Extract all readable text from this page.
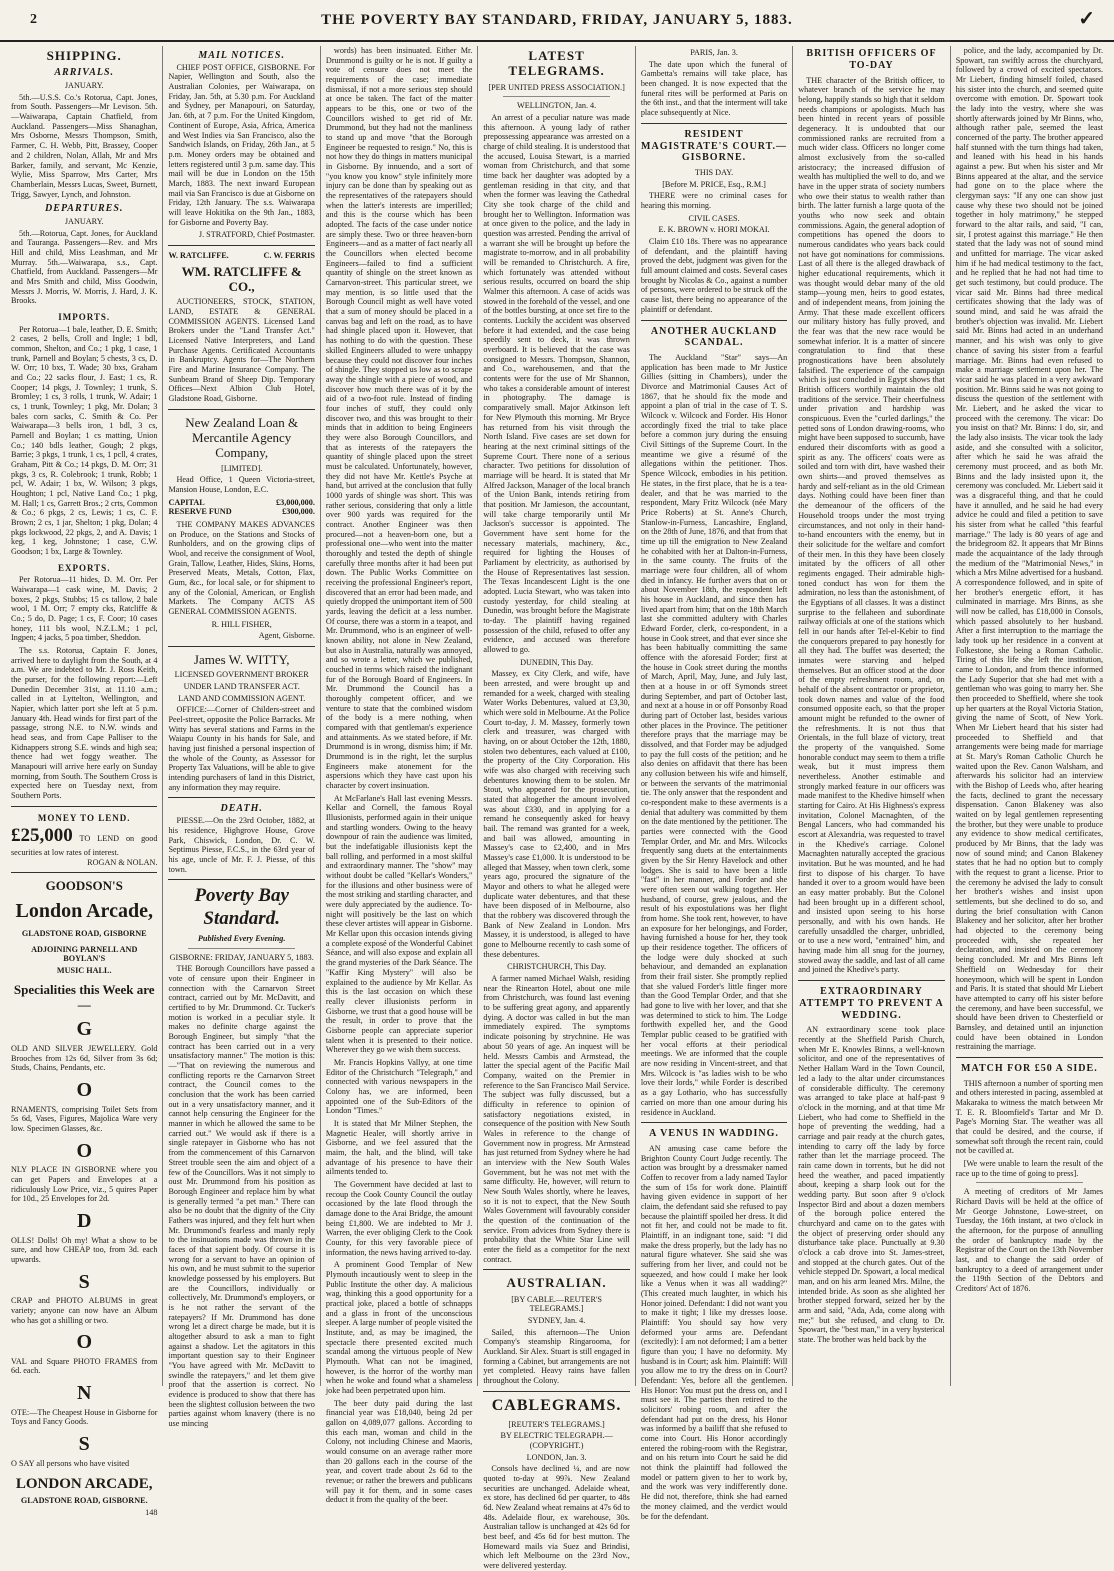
2	THE POVERTY BAY STANDARD, FRIDAY, JANUARY 5, 1883.	✓
SHIPPING.
ARRIVALS.
JANUARY.

5th.—U.S.S. Co.'s Rotorua, Capt. Jones, from South. Passengers—Mr Levison. 5th.—Waiwarapa, Captain Chatfield, from Auckland. Passengers—Miss Shanaghan, Mrs Osborne, Messrs Thompson, Smith, Farmer, C. H. Webb, Pitt, Brassey, Cooper and 2 children, Nolan, Allah, Mr and Mrs Barker, family, and servant, Mc Kenzie, Wylie, Miss Sparrow, Mrs Carter, Mrs Chamberlain, Messrs Lucas, Sweet, Burnett, Trigg, Sawyer, Lynch, and Johnston.

DEPARTURES.
JANUARY.

5th.—Rotorua, Capt. Jones, for Auckland and Tauranga. Passengers—Rev. and Mrs Hill and child, Miss Leashman, and Mr Murray. 5th.—Waiwarapa, s.s., Capt. Chatfield, from Auckland. Passengers—Mr and Mrs Smith and child, Miss Goodwin, Messrs J. Morris, W. Morris, J. Hard, J. K. Brooks.

IMPORTS.

Per Rotorua—1 bale, leather, D. E. Smith; 2 cases, 2 bells, Croll and Ingle; 1 bdl, common, Shelton, and Co.; 1 pkg, 1 case, 1 trunk, Parnell and Boylan; 5 chests, 3 cs, D. W. Orr; 10 bxs, T. Wade; 30 bxs, Graham and Co.; 22 sacks flour, J. East; 1 cs, R. Cooper; 14 pkgs, J. Townley; 1 trunk, S. Bromley; 1 cs, 3 rolls, 1 trunk, W. Adair; 1 cs, 1 trunk, Townley; 1 pkg, Mr. Dolan; 3 bales corn sacks, C. Smith & Co. Per Waiwarapa—3 bells iron, 1 bdl, 3 cs, Parnell and Boylan; 1 cs matting, Union Co.; 140 bdls leather, Gough; 2 pkgs, Barrie; 3 pkgs, 1 trunk, 1 cs, 1 pcll, 4 crates, Graham, Pitt & Co.; 14 pkgs, D. M. Orr; 31 pkgs, 3 cs, R. Colebrook; 1 trunk, Robb; 1 pcl, W. Adair; 1 bx, W. Wilson; 3 pkgs, Houghton; 1 pcl, Native Land Co.; 1 pkg, M. Hall; 1 cs, Garrett Bros.; 2 crts, Common & Co.; 6 pkgs, 2 cs, Lewis; 1 cs, C. F. Brown; 2 cs, 1 jar, Shelton; 1 pkg, Dolan; 4 pkgs lockwood, 22 pkgs, 2, and A. Davis; 1 keg, 1 keg, Johnstone; 1 case, C.W. Goodson; 1 bx, Large & Townley.

EXPORTS.

Per Rotorua—11 hides, D. M. Orr. Per Waiwarapa—1 cask wine, M. Davis; 2 boxes, 2 pkgs, Stubbs; 15 cs tallow, 2 bale wool, 1 M. Orr; 7 empty cks, Ratcliffe & Co.; 5 do, D. Page; 1 cs, F. Coor; 10 cases honey, 111 bls wool, N.Z.L.M.; 1 pcl, Ingpen; 4 jacks, 5 poa timber, Sheddon.

The s.s. Rotorua, Captain F. Jones, arrived here to daylight from the South, at 4 a.m. We are indebted to Mr. J. Ross Keith, the purser, for the following report:—Left Dunedin December 31st, at 11.10 a.m.; called in at Lyttelton, Wellington, and Napier, which latter port she left at 5 p.m. January 4th. Head winds for first part of the passage, strong N.E. to N.W. winds and head seas, and from Cape Palliser to the Kidnappers strong S.E. winds and high sea; thence had wet foggy weather. The Manapouri will arrive here early on Sunday morning, from South. The Southern Cross is expected here on Tuesday next, from Southern Ports.

MONEY TO LEND.
£25,000 TO LEND on good securities at low rates of interest.
ROGAN & NOLAN.
GOODSON'S
London Arcade,
GLADSTONE ROAD, GISBORNE
ADJOINING PARNELL AND BOYLAN'S
MUSIC HALL.
Specialities this Week are—
G
OLD AND SILVER JEWELLERY. Gold Brooches from 12s 6d, Silver from 3s 6d; Studs, Chains, Pendants, etc.
O
RNAMENTS, comprising Toilet Sets from 5s 6d, Vases, Figures, Majolica Ware very low. Specimen Glasses, &c.
O
NLY PLACE IN GISBORNE where you can get Papers and Envelopes at a ridiculously Low Price, viz., 5 quires Paper for 10d., 25 Envelopes for 2d.
D
OLLS! Dolls! Oh my! What a show to be sure, and how CHEAP too, from 3d. each upwards.
S
CRAP and PHOTO ALBUMS in great variety; anyone can now have an Album who has got a shilling or two.
O
VAL and Square PHOTO FRAMES from 6d. each.
N
OTE:—The Cheapest House in Gisborne for Toys and Fancy Goods.
S
O SAY all persons who have visited
LONDON ARCADE,
GLADSTONE ROAD, GISBORNE.
148
MAIL NOTICES.

CHIEF POST OFFICE, GISBORNE. For Napier, Wellington and South, also the Australian Colonies, per Waiwarapa, on Friday, Jan. 5th, at 5.30 p.m. For Auckland and Sydney, per Manapouri, on Saturday, Jan. 6th, at 7 p.m. For the United Kingdom, Continent of Europe, Asia, Africa, America and West Indies via San Francisco, also the Sandwich Islands, on Friday, 26th Jan., at 5 p.m. Money orders may be obtained and letters registered until 3 p.m. same day. This mail will be due in London on the 15th March, 1883. The next inward European mail via San Francisco is due at Gisborne on Friday, 12th January. The s.s. Waiwarapa will leave Hokitika on the 9th Jan., 1883, for Gisborne and Poverty Bay.

J. STRATFORD, Chief Postmaster.
W. RATCLIFFE.	C. W. FERRIS
WM. RATCLIFFE & CO.,

AUCTIONEERS, STOCK, STATION, LAND, ESTATE & GENERAL COMMISSION AGENTS. Licensed Land Brokers under the "Land Transfer Act." Licensed Native Interpreters, and Land Purchase Agents. Certificated Accountants in Bankruptcy. Agents for—The Northern Fire and Marine Insurance Company. The Sunbeam Brand of Sheep Dip. Temporary Offices—Next Albion Club Hotel, Gladstone Road, Gisborne.

New Zealand Loan & Mercantile Agency Company,
[LIMITED].

Head Office, 1 Queen Victoria-street, Mansion House, London, E.C.

CAPITAL	£3,000,000.
RESERVE FUND	£300,000.

THE COMPANY MAKES ADVANCES on Produce, on the Stations and Stocks of Runholders, and on the growing clips of Wool, and receive the consignment of Wool, Grain, Tallow, Leather, Hides, Skins, Horns, Preserved Meats, Metals, Cotton, Flax, Gum, &c., for local sale, or for shipment to any of the Colonial, American, or English Markets. The Company ACTS AS GENERAL COMMISSION AGENTS.

R. HILL FISHER,
Agent, Gisborne.
James W. WITTY,
LICENSED GOVERNMENT BROKER
UNDER LAND TRANSFER ACT.
LAND AND COMMISSION AGENT.

OFFICE:—Corner of Childers-street and Peel-street, opposite the Police Barracks. Mr Witty has several stations and Farms in the Waiapu County in his hands for Sale, and having just finished a personal inspection of the whole of the County, as Assessor for Property Tax Valuations, will be able to give intending purchasers of land in this District, any information they may require.

DEATH.

PIESSE.—On the 23rd October, 1882, at his residence, Highgrove House, Grove Park, Chiswick, London, Dr. C. W. Septimus Piesse, F.C.S., in the 63rd year of his age, uncle of Mr. F. J. Piesse, of this town.

Poverty Bay Standard.
Published Every Evening.
GISBORNE: FRIDAY, JANUARY 5, 1883.

THE Borough Councillors have passed a vote of censure upon their Engineer in connection with the Carnarvon Street contract, carried out by Mr. McDavitt, and certified to by Mr. Drummond. Cr. Tucker's motion is worked in a peculiar style. It makes no definite charge against the Borough Engineer, but simply "that the contract has been carried out in a very unsatisfactory manner." The motion is this:—"That on reviewing the numerous and conflicting reports re the Carnarvon Street contract, the Council comes to the conclusion that the work has been carried out in a very unsatisfactory manner, and it cannot help censuring the Engineer for the manner in which he allowed the same to be carried out." We would ask if there is a single ratepayer in Gisborne who has not from the commencement of this Carnarvon Street trouble seen the aim and object of a few of the Councillors. Was it not simply to oust Mr. Drummond from his position as Borough Engineer and replace him by what is generally termed "a pet man." There can also be no doubt that the dignity of the City Fathers was injured, and they felt hurt when Mr. Drummond's fearless and manly reply to the insinuations made was thrown in the faces of that sapient body. Of course it is wrong for a servant to have an opinion of his own, and he must submit to the superior knowledge possessed by his employers. But are the Councillors, individually or collectively, Mr. Drummond's employers, or is he not rather the servant of the ratepayers? If Mr. Drummond has done wrong let a direct charge be made, but it is altogether absurd to ask a man to fight against a shadow. Let the agitators in this important question say to their Engineer "You have agreed with Mr. McDavitt to swindle the ratepayers," and let them give proof that the assertion is correct. No evidence is produced to show that there has been the slightest collusion between the two parties against whom knavery (there is no use mincing

words) has been insinuated. Either Mr. Drummond is guilty or he is not. If guilty a vote of censure does not meet the requirements of the case; immediate dismissal, if not a more serious step should at once be taken. The fact of the matter appears to be this, one or two of the Councillors wished to get rid of Mr. Drummond, but they had not the manliness to stand up and move "that the Borough Engineer be requested to resign." No, this is not how they do things in matters municipal in Gisborne. By innuendo, and a sort of "you know you know" style infinitely more injury can be done than by speaking out as the representatives of the ratepayers should when the latter's interests are imperilled; and this is the course which has been adopted. The facts of the case under notice are simply these. Two or three heaven-born Engineers—and as a matter of fact nearly all the Councillors when elected become Engineers—failed to find a sufficient quantity of shingle on the street known as Carnarvon-street. This particular street, we may mention, is so little used that the Borough Council might as well have voted that a sum of money should be placed in a canvas bag and left on the road, as to have had shingle placed upon it. However, that has nothing to do with the question. These skilled Engineers alluded to were unhappy because they could not discover four inches of shingle. They stopped us low as to scrape away the shingle with a piece of wood, and discover how much there was of it by the aid of a two-foot rule. Instead of finding four inches of stuff, they could only discover two, and this was brought to their minds that in addition to being Engineers they were also Borough Councillors, and that as interests of the ratepayers the quantity of shingle placed upon the street must be calculated. Unfortunately, however, they did not have Mr. Kettle's Psyche at hand, but arrived at the conclusion that fully 1000 yards of shingle was short. This was rather serious, considering that only a little over 900 yards was required for the contract. Another Engineer was then procured—not a heaven-born one, but a professional one—who went into the matter thoroughly and tested the depth of shingle carefully three months after it had been put down. The Public Works Committee on receiving the professional Engineer's report, discovered that an error had been made, and quietly dropped the unimportant item of 500 yards, leaving the deficit at a less number. Of course, there was a storm in a teapot, and Mr. Drummond, who is an engineer of well-known ability, not alone in New Zealand, but also in Australia, naturally was annoyed, and so wrote a letter, which we published, couched in terms which raised the indignant fur of the Borough Board of Engineers. In Mr. Drummond the Council has a thoroughly competent officer, and we venture to state that the combined wisdom of the body is a mere nothing, when compared with that gentleman's experience and attainments. As we stated before, if Mr. Drummond is in wrong, dismiss him; if Mr. Drummond is in the right, let the surplus Engineers make atonement for the aspersions which they have cast upon his character by covert insinuation.

At McFarlane's Hall last evening Messrs. Kellar and Cornell, the famous Royal Illusionists, performed again in their unique and startling wonders. Owing to the heavy downpour of rain the audience was limited, but the indefatigable illusionists kept the ball rolling, and performed in a most skilful and extraordinary manner. The "show" may without doubt be called "Kellar's Wonders," for the illusions and other business were of the most striking and startling character, and were duly appreciated by the audience. To-night will positively be the last on which these clever artistes will appear in Gisborne. Mr Kellar upon this occasion intends giving a complete exposé of the Wonderful Cabinet Séance, and will also expose and explain all the grand mysteries of the Dark Séance. The "Kaffir King Mystery" will also be explained to the audience by Mr Kellar. As this is the last occasion on which these really clever illusionists perform in Gisborne, we trust that a good house will be the result, in order to prove that the Gisborne people can appreciate superior talent when it is presented to their notice. Wherever they go we wish them success.

Mr. Francis Hopkins Vallyy, at one time Editor of the Christchurch "Telegraph," and connected with various newspapers in the Colony has, we are informed, been appointed one of the Sub-Editors of the London "Times."

It is stated that Mr Milner Stephen, the Magnetic Healer, will shortly arrive in Gisborne, and we feel assured that the maim, the halt, and the blind, will take advantage of his presence to have their ailments tended to.

The Government have decided at last to recoup the Cook County Council the outlay occasioned by the late flood through the damage done to the Arai Bridge, the amount being £1,800. We are indebted to Mr J. Warren, the ever obliging Clerk to the Cook County, for this very favorable piece of information, the news having arrived to-day.

A prominent Good Templar of New Plymouth incautiously went to sleep in the Public Institute the other day. A malicious wag, thinking this a good opportunity for a practical joke, placed a bottle of schnapps and a glass in front of the unconscious sleeper. A large number of people visited the Institute, and, as may be imagined, the spectacle there presented excited much scandal among the virtuous people of New Plymouth. What can not be imagined, however, is the horror of the worthy man when he woke and found what a shameless joke had been perpetrated upon him.

The beer duty paid during the last financial year was £18,040, being 2d per gallon on 4,089,077 gallons. According to this each man, woman and child in the Colony, not including Chinese and Maoris, would consume on an average rather more than 20 gallons each in the course of the year, and covert trade about 2s 6d to the revenue; or rather the brewers and publicans will pay it for them, and in some cases deduct it from the quality of the beer.

LATEST TELEGRAMS.
[PER UNITED PRESS ASSOCIATION.]
WELLINGTON, Jan. 4.

An arrest of a peculiar nature was made this afternoon. A young lady of rather prepossessing appearance was arrested on a charge of child stealing. It is understood that the accused, Louisa Stewart, is a married woman from Christchurch, and that some time back her daughter was adopted by a gentleman residing in that city, and that when the former was leaving the Cathedral City she took charge of the child and brought her to Wellington. Information was at once given to the police, and the lady in question was arrested. Pending the arrival of a warrant she will be brought up before the magistrate to-morrow, and in all probability will be remanded to Christchurch. A fire, which fortunately was attended without serious results, occurred on board the ship Walmer this afternoon. A case of acids was stowed in the forehold of the vessel, and one of the bottles bursting, at once set fire to the contents. Luckily the accident was observed before it had extended, and the case being speedily sent to deck, it was thrown overboard. It is believed that the case was consigned to Messrs. Thompson, Shannon, and Co., warehousemen, and that the contents were for the use of Mr Shannon, who takes a considerable amount of interest in photography. The damage is comparatively small. Major Atkinson left for New Plymouth this morning. Mr Bryce has returned from his visit through the North Island. Five cases are set down for hearing at the next criminal sittings of the Supreme Court. There none of a serious character. Two petitions for dissolution of marriage will be heard. It is stated that Mr Alfred Jackson, Manager of the local branch of the Union Bank, intends retiring from that position. Mr Jamieson, the accountant, will take charge temporarily until Mr Jackson's successor is appointed. The Government have sent home for the necessary materials, machinery, &c., required for lighting the Houses of Parliament by electricity, as authorised by the House of Representatives last session. The Texas Incandescent Light is the one adopted. Lucia Stewart, who was taken into custody yesterday, for child stealing at Dunedin, was brought before the Magistrate to-day. The plaintiff having regained possession of the child, refused to offer any evidence, and accused was therefore allowed to go.

DUNEDIN, This Day.

Massey, ex City Clerk, and wife, have been arrested, and were brought up and remanded for a week, charged with stealing Water Works Debentures, valued at £3,30, which were sold in Melbourne. At the Police Court to-day, J. M. Massey, formerly town clerk and treasurer, was charged with having, on or about October the 12th, 1880, stolen two debentures, each valued at £100, the property of the City Corporation. His wife was also charged with receiving such debentures knowing them to be stolen. Mr Stout, who appeared for the prosecution, stated that altogether the amount involved was about £330, and in applying for a remand he consequently asked for heavy bail. The remand was granted for a week, and bail was allowed, amounting in Massey's case to £2,400, and in Mrs Massey's case £1,000. It is understood to be alleged that Massey, when town clerk, some years ago, procured the signature of the Mayor and others to what he alleged were duplicate water debentures, and that these have been disposed of in Melbourne, also that the robbery was discovered through the Bank of New Zealand in London. Mrs Massey, it is understood, is alleged to have gone to Melbourne recently to cash some of these debentures.

CHRISTCHURCH, This Day.

A farmer named Michael Walsh, residing near the Rinearton Hotel, about one mile from Christchurch, was found last evening to be suffering great agony, and apparently dying. A doctor was called in but the man immediately expired. The symptoms indicate poisoning by strychnine. He was about 50 years of age. An inquest will be held. Messrs Cambis and Armstead, the latter the special agent of the Pacific Mail Company, waited on the Premier in reference to the San Francisco Mail Service. The subject was fully discussed, but a difficulty in reference to opinion of satisfactory negotiations existed, in consequence of the position with New South Wales in reference to the change of Government now in progress. Mr Armstead has just returned from Sydney where he had an interview with the New South Wales Government, but he was not met with the same difficulty. He, however, will return to New South Wales shortly, where he leaves, so it is not to expect, that the New South Wales Government will favourably consider the question of the continuation of the service. From advices from Sydney there is probability that the White Star Line will enter the field as a competitor for the next contract.

AUSTRALIAN.
[BY CABLE.—REUTER'S TELEGRAMS.]
SYDNEY, Jan. 4.

Sailed, this afternoon—The Union Company's steamship Ringarooma, for Auckland. Sir Alex. Stuart is still engaged in forming a Cabinet, but arrangements are not yet completed. Heavy rains have fallen throughout the Colony.

CABLEGRAMS.
[REUTER'S TELEGRAMS.]
BY ELECTRIC TELEGRAPH.—(COPYRIGHT.)
LONDON, Jan. 3.

Consols have declined ¼, and are now quoted to-day at 99⅞. New Zealand securities are unchanged. Adelaide wheat, ex store, has declined 6d per quarter, to 48s 6d. New Zealand wheat remains at 47s 6d to 48s. Adelaide flour, ex warehouse, 30s. Australian tallow is unchanged at 42s 6d for best beef, and 45s 6d for best mutton. The Homeward mails via Suez and Brindisi, which left Melbourne on the 23rd Nov., were delivered yesterday.

PARIS, Jan. 3.

The date upon which the funeral of Gambetta's remains will take place, has been changed. It is now expected that the funeral rites will be performed at Paris on the 6th inst., and that the interment will take place subsequently at Nice.

RESIDENT MAGISTRATE'S COURT.—GISBORNE.
THIS DAY.
[Before M. PRICE, Esq., R.M.]

THERE were no criminal cases for hearing this morning.

CIVIL CASES.
E. K. BROWN v. HORI MOKAI.

Claim £10 18s. There was no appearance of defendant, and the plaintiff having proved the debt, judgment was given for the full amount claimed and costs. Several cases brought by Nicolas & Co., against a number of persons, were ordered to be struck off the cause list, there being no appearance of the plaintiff or defendant.

ANOTHER AUCKLAND SCANDAL.

The Auckland "Star" says—An application has been made to Mr Justice Gillies (sitting in Chambers), under the Divorce and Matrimonial Causes Act of 1867, that he should fix the mode and appoint a plan of trial in the case of T. S. Wilcock v. Wilcock and Forder. His Honor accordingly fixed the trial to take place before a common jury during the ensuing Civil Sittings of the Supreme Court. In the meantime we give a résumé of the allegations within the petitioner. Thos. Spence Wilcock, embodies in his petition. He states, in the first place, that he is a tea-dealer, and that he was married to the respondent, Mary Fritz Wilcock (née Mary Price Roberts) at St. Anne's Church, Stanlow-in-Furness, Lancashire, England, on the 28th of June, 1876, and that from that time up till the emigration to New Zealand he cohabited with her at Dalton-in-Furness, in the same county. The fruits of the marriage were four children, all of whom died in infancy. He further avers that on or about November 18th, the respondent left his house in Auckland, and since then has lived apart from him; that on the 18th March last she committed adultery with Charles Edward Forder, clerk, co-respondent, in a house in Cook street, and that ever since she has been habitually committing the same offence with the aforesaid Forder; first at the house in Cook street during the months of March, April, May, June, and July last, then at a house in or off Symonds street during September, and part of October last, and next at a house in or off Ponsonby Road during part of October last, besides various other places in the Province. The petitioner therefore prays that the marriage may be dissolved, and that Forder may be adjudged to pay the full costs of the petition; and he also denies on affidavit that there has been any collusion between his wife and himself, or between the servants of the matrimonial tie. The only answer that the respondent and co-respondent make to these averments is a denial that adultery was committed by them on the date mentioned by the petitioner. The parties were connected with the Good Templar Order, and Mr. and Mrs. Wilcocks frequently sang duets at the entertainments given by the Sir Henry Havelock and other lodges. She is said to have been a little "fast" in her manner, and Forder and she were often seen out walking together. Her husband, of course, grew jealous, and the result of his expostulations was her flight from home. She took rent, however, to have an exposure for her belongings, and Forder, having furnished a house for her, they took up their residence together. The officers of the lodge were duly shocked at such behaviour, and demanded an explanation from their frail sister. She promptly replied that she valued Forder's little finger more than the Good Templar Order, and that she had gone to live with her lover, and that she was determined to stick to him. The Lodge forthwith expelled her, and the Good Templar public ceased to be gratified with her vocal efforts at their periodical meetings. We are informed that the couple are now residing in Vincent-street, and that Mrs. Wilcock is "as ladies wish to be who love their lords," while Forder is described as a gay Lothario, who has successfully carried on more than one amour during his residence in Auckland.

A VENUS IN WADDING.

AN amusing case came before the Brighton County Court Judge recently. The action was brought by a dressmaker named Coffen to recover from a lady named Taylor the sum of 15s for work done. Plaintiff having given evidence in support of her claim, the defendant said she refused to pay because the plaintiff spoiled her dress. It did not fit her, and could not be made to fit. Plaintiff, in an indignant tone, said: "I did make the dress properly, but the lady has no natural figure whatever. She said she was suffering from her liver, and could not be squeezed, and how could I make her look like a Venus when it was all wadding?" (This created much laughter, in which his Honor joined. Defendant: I did not want you to make it tight; I like my dresses loose. Plaintiff: You should say how very deformed your arms are. Defendant (excitedly): I am not deformed; I am a better figure than you; I have no deformity. My husband is in Court; ask him. Plaintiff: Will you allow me to try the dress on in Court? Defendant: Yes, before all the gentlemen. His Honor: You must put the dress on, and I must see it. The parties then retired to the solicitors' robing room, and after the defendant had put on the dress, his Honor was informed by a bailiff that she refused to come into Court. His Honor accordingly entered the robing-room with the Registrar, and on his return into Court he said he did not think the plaintiff had followed the model or pattern given to her to work by, and the work was very indifferently done. He did not, therefore, think she had earned the money claimed, and the verdict would be for the defendant.

BRITISH OFFICERS OF TO-DAY

THE character of the British officer, to whatever branch of the service he may belong, happily stands so high that it seldom needs champions or apologists. Much has been hinted in recent years of possible degeneracy. It is undoubted that our commissioned ranks are recruited from a much wider class. Officers no longer come almost exclusively from the so-called aristocracy; the increased diffusion of wealth has multiplied the well to do, and we have in the upper strata of society numbers who owe their status to wealth rather than birth. The latter furnish a large quota of the youths who now seek and obtain commissions. Again, the general adoption of competitions has opened the doors to numerous candidates who years back could not have got nominations for commissions. Last of all there is the alleged drawback of higher educational requirements, which it was thought would debar many of the old stamp—young men, heirs to good estates, and of independent means, from joining the Army. That these made excellent officers our military history has fully proved, and the fear was that the new race would be somewhat inferior. It is a matter of sincere congratulation to find that these prognostications have been absolutely falsified. The experience of the campaign which is just concluded in Egypt shows that British officers worthily maintain the old traditions of the service. Their cheerfulness under privation and hardship was conspicuous. Even the "curled darlings," the petted sons of London drawing-rooms, who might have been supposed to succumb, have endured their discomforts with as good a spirit as any. The officers' coats were as soiled and torn with dirt, have washed their own shirts—and proved themselves as hardy and self-reliant as in the old Crimean days. Nothing could have been finer than the demeanour of the officers of the Household troops under the most trying circumstances, and not only in their hand-to-hand encounters with the enemy, but in their solicitude for the welfare and comfort of their men. In this they have been closely imitated by the officers of all other regiments engaged. Their admirable high-toned conduct has won for them the admiration, no less than the astonishment, of the Egyptians of all classes. It was a distinct surprise to the fellaheen and subordinate railway officials at one of the stations which fell in our hands after Tel-el-Kebir to find the conquerors prepared to pay honestly for all they had. The buffet was deserted; the inmates were starving and helped themselves. But an officer stood at the door of the empty refreshment room, and, on behalf of the absent contractor or proprietor, took down names and value of the food consumed opposite each, so that the proper amount might be refunded to the owner of the refreshments. It is not thus that Orientals, in the full blaze of victory, treat the property of the vanquished. Some honorable conduct may seem to them a trifle weak, but it must impress them nevertheless. Another estimable and strongly marked feature in our officers was made manifest to the Khedive himself when starting for Cairo. At His Highness's express invitation, Colonel Macnaghten, of the Bengal Lancers, who had commanded his escort at Alexandria, was requested to travel in the Khedive's carriage. Colonel Macnaghten naturally accepted the gracious invitation. But he was mounted, and he had first to dispose of his charger. To have handed it over to a groom would have been an easy matter probably. But the Colonel had been brought up in a different school, and insisted upon seeing to his horse personally, and with his own hands. He carefully unsaddled the charger, unbridled, or to use a new word, "entrained" him, and having made him all snug for the journey, stowed away the saddle, and last of all came and joined the Khedive's party.

EXTRAORDINARY ATTEMPT TO PREVENT A WEDDING.

AN extraordinary scene took place recently at the Sheffield Parish Church, when Mr E. Knowles Binns, a well-known solicitor, and one of the representatives of Nether Hallam Ward in the Town Council, led a lady to the altar under circumstances of considerable difficulty. The ceremony was arranged to take place at half-past 9 o'clock in the morning, and at that time Mr Liebert, who had come to Sheffield in the hope of preventing the wedding, had a carriage and pair ready at the church gates, intending to carry off the lady by force rather than let the marriage proceed. The rain came down in torrents, but he did not heed the weather, and paced impatiently about, keeping a sharp look out for the wedding party. But soon after 9 o'clock Inspector Bird and about a dozen members of the borough police entered the churchyard and came on to the gates with the object of preserving order should any disturbance take place. Punctually at 9.30 o'clock a cab drove into St. James-street, and stopped at the church gates. Out of the vehicle stepped Dr. Spowart, a local medical man, and on his arm leaned Mrs. Milne, the intended bride. As soon as she alighted her brother stepped forward, seized her by the arm and said, "Ada, Ada, come along with me;" but she refused, and clung to Dr. Spowart, the "best man," in a very hysterical state. The brother was held back by the

police, and the lady, accompanied by Dr. Spowart, ran swiftly across the churchyard, followed by a crowd of excited spectators. Mr Liebert, finding himself foiled, chased his sister into the church, and seemed quite overcome with emotion. Dr. Spowart took the lady into the vestry, where she was shortly afterwards joined by Mr Binns, who, although rather pale, seemed the least concerned of the party. The brother appeared half stunned with the turn things had taken, and leaned with his head in his hands against a pew. But when his sister and Mr Binns appeared at the altar, and the service had gone on to the place where the clergyman says: "If any one can show just cause why these two should not be joined together in holy matrimony," he stepped forward to the altar rails, and said, "I can, sir, I protest against this marriage." He then stated that the lady was not of sound mind and unfitted for marriage. The vicar asked him if he had medical testimony to the fact, and he replied that he had not had time to get such testimony, but could produce. The vicar said Mr. Binns had three medical certificates showing that the lady was of sound mind, and said he was afraid the brother's objection was invalid. Mr. Liebert said Mr. Binns had acted in an underhand manner, and his wish was only to give chance of saving his sister from a fearful marriage. Mr. Binns had even refused to make a marriage settlement upon her. The vicar said he was placed in a very awkward position. Mr. Binns said he was not going to discuss the question of the settlement with Mr. Liebert, and he asked the vicar to proceed with the ceremony. The vicar: Do you insist on that? Mr. Binns: I do, sir, and the lady also insists. The vicar took the lady aside, and she consulted with a solicitor, after which he said he was afraid the ceremony must proceed, and as both Mr. Binns and the lady insisted upon it, the ceremony was concluded. Mr. Liebert said it was a disgraceful thing, and that he could have it annulled, and he said he had every advice he could and filed a petition to save his sister from what he called "this fearful marriage." The lady is 80 years of age and the bridegroom 82. It appears that Mr Binns made the acquaintance of the lady through the medium of the "Matrimonial News," in which a Mrs Milne advertised for a husband. A correspondence followed, and in spite of her brother's energetic effort, it has culminated in marriage. Mrs Binns, as she will now be called, has £18,000 in Consols, which passed absolutely to her husband. After a first interruption to the marriage the lady took up her residence in a convent at Folkestone, she being a Roman Catholic. Tiring of this life she left the institution, came to London, and from thence informed the Lady Superior that she had met with a gentleman who was going to marry her. She then proceeded to Sheffield, where she took up her quarters at the Royal Victoria Station, giving the name of Scott, of New York. When Mr Liebert heard that his sister had proceeded to Sheffield and that arrangements were being made for marriage at St. Mary's Roman Catholic Church he waited upon the Rev. Canon Walsham, and afterwards his solicitor had an interview with the Bishop of Leeds who, after hearing the facts, declined to grant the necessary dispensation. Canon Blakeney was also waited on by legal gentlemen representing the brother, but they were unable to produce any evidence to show medical certificates, produced by Mr Binns, that the lady was now of sound mind; and Canon Blakeney states that he had no option but to comply with the request to grant a license. Prior to the ceremony he advised the lady to consult her brother's wishes and insist upon settlements, but she declined to do so, and during the brief consultation with Canon Blakeney and her solicitor, after her brother had objected to the ceremony being proceeded with, she repeated her declaration, and insisted on the ceremony being concluded. Mr and Mrs Binns left Sheffield on Wednesday for their honeymoon, which will be spent in London and Paris. It is stated that should Mr Liebert have attempted to carry off his sister before the ceremony, and have been successful, we should have been driven to Chesterfield or Barnsley, and detained until an injunction could have been obtained in London restraining the marriage.

MATCH FOR £50 A SIDE.

THIS afternoon a number of sporting men and others interested in pacing, assembled at Makaraka to witness the match between Mr T. E. R. Bloomfield's Tartar and Mr D. Page's Morning Star. The weather was all that could be desired, and the course, if somewhat soft through the recent rain, could not be cavilled at.

[We were unable to learn the result of the race up to the time of going to press].

A meeting of creditors of Mr James Richard Davis will be held at the office of Mr George Johnstone, Lowe-street, on Tuesday, the 16th instant, at two o'clock in the afternoon, for the purpose of annulling the order of bankruptcy made by the Registrar of the Court on the 13th November last, and to change the said order of bankruptcy to a deed of arrangement under the 119th Section of the Debtors and Creditors' Act of 1876.
